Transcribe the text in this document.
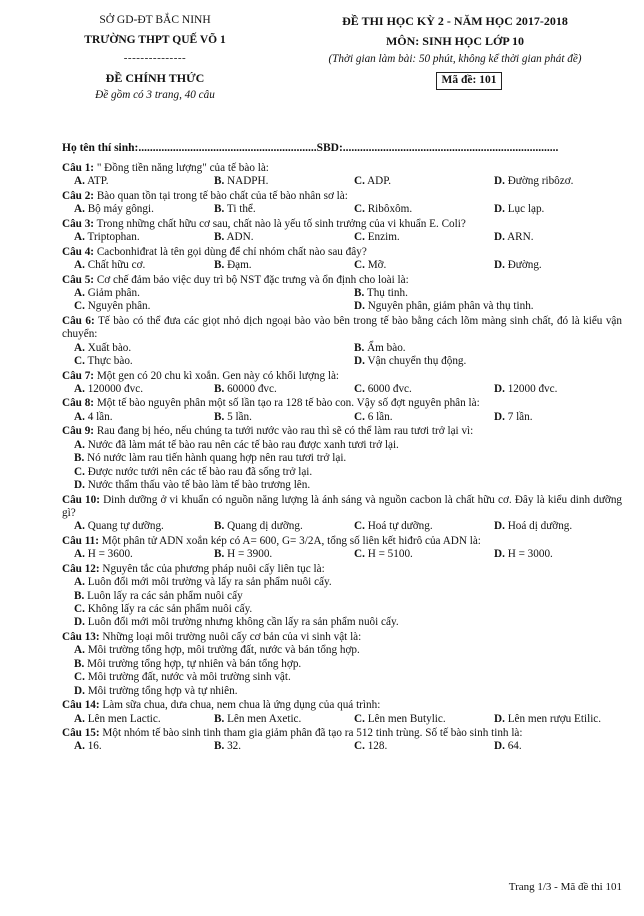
SỞ GD-ĐT BẮC NINH
TRƯỜNG THPT QUẾ VÕ 1
---------------
ĐỀ CHÍNH THỨC
Đề gồm có 3 trang, 40 câu
ĐỀ THI HỌC KỲ 2 - NĂM HỌC 2017-2018
MÔN: SINH HỌC LỚP 10
(Thời gian làm bài: 50 phút, không kể thời gian phát đề)
Mã đề: 101
Họ tên thí sinh:..............................................................SBD:...........................................................................
Câu 1: " Đồng tiền năng lượng" của tế bào là:
A. ATP.	B. NADPH.	C. ADP.	D. Đường ribôzơ.
Câu 2: Bào quan tồn tại trong tế bào chất của tế bào nhân sơ là:
A. Bộ máy gôngi.	B. Ti thể.	C. Ribôxôm.	D. Lục lạp.
Câu 3: Trong những chất hữu cơ sau, chất nào là yếu tố sinh trưởng của vi khuẩn E. Coli?
A. Triptophan.	B. ADN.	C. Enzim.	D. ARN.
Câu 4: Cacbonhiđrat là tên gọi dùng để chỉ nhóm chất nào sau đây?
A. Chất hữu cơ.	B. Đạm.	C. Mỡ.	D. Đường.
Câu 5: Cơ chế đảm bảo việc duy trì bộ NST đặc trưng và ổn định cho loài là:
A. Giảm phân.	B. Thụ tinh.
C. Nguyên phân.	D. Nguyên phân, giảm phân và thụ tinh.
Câu 6: Tế bào có thể đưa các giọt nhỏ dịch ngoại bào vào bên trong tế bào bằng cách lõm màng sinh chất, đó là kiểu vận chuyển:
A. Xuất bào.	B. Ẩm bào.
C. Thực bào.	D. Vận chuyển thụ động.
Câu 7: Một gen có 20 chu kì xoắn. Gen này có khối lượng là:
A. 120000 đvc.	B. 60000 đvc.	C. 6000 đvc.	D. 12000 đvc.
Câu 8: Một tế bào nguyên phân một số lần tạo ra 128 tế bào con. Vậy số đợt nguyên phân là:
A. 4 lần.	B. 5 lần.	C. 6 lần.	D. 7 lần.
Câu 9: Rau đang bị héo, nếu chúng ta tưới nước vào rau thì sẽ có thể làm rau tươi trở lại vì:
A. Nước đã làm mát tế bào rau nên các tế bào rau được xanh tươi trở lại.
B. Nó nước làm rau tiến hành quang hợp nên rau tươi trở lại.
C. Được nước tưới nên các tế bào rau đã sống trở lại.
D. Nước thẩm thấu vào tế bào làm tế bào trương lên.
Câu 10: Dinh dưỡng ở vi khuẩn có nguồn năng lượng là ánh sáng và nguồn cacbon là chất hữu cơ. Đây là kiểu dinh dưỡng gì?
A. Quang tự dưỡng.	B. Quang dị dưỡng.	C. Hoá tự dưỡng.	D. Hoá dị dưỡng.
Câu 11: Một phân tử ADN xoắn kép có A= 600, G= 3/2A, tổng số liên kết hiđrô của ADN là:
A. H = 3600.	B. H = 3900.	C. H = 5100.	D. H = 3000.
Câu 12: Nguyên tắc của phương pháp nuôi cấy liên tục là:
A. Luôn đổi mới môi trường và lấy ra sản phẩm nuôi cấy.
B. Luôn lấy ra các sản phẩm nuôi cấy
C. Không lấy ra các sản phẩm nuôi cấy.
D. Luôn đổi mới môi trường nhưng không cần lấy ra sản phẩm nuôi cấy.
Câu 13: Những loại môi trường nuôi cấy cơ bản của vi sinh vật là:
A. Môi trường tổng hợp, môi trường đất, nước và bán tổng hợp.
B. Môi trường tổng hợp, tự nhiên và bán tổng hợp.
C. Môi trường đất, nước và môi trường sinh vật.
D. Môi trường tổng hợp và tự nhiên.
Câu 14: Làm sữa chua, dưa chua, nem chua là ứng dụng của quá trình:
A. Lên men Lactic.	B. Lên men Axetic.	C. Lên men Butylic.	D. Lên men rượu Etilic.
Câu 15: Một nhóm tế bào sinh tinh tham gia giảm phân đã tạo ra 512 tinh trùng. Số tế bào sinh tinh là:
A. 16.	B. 32.	C. 128.	D. 64.
Trang 1/3 - Mã đề thi 101
